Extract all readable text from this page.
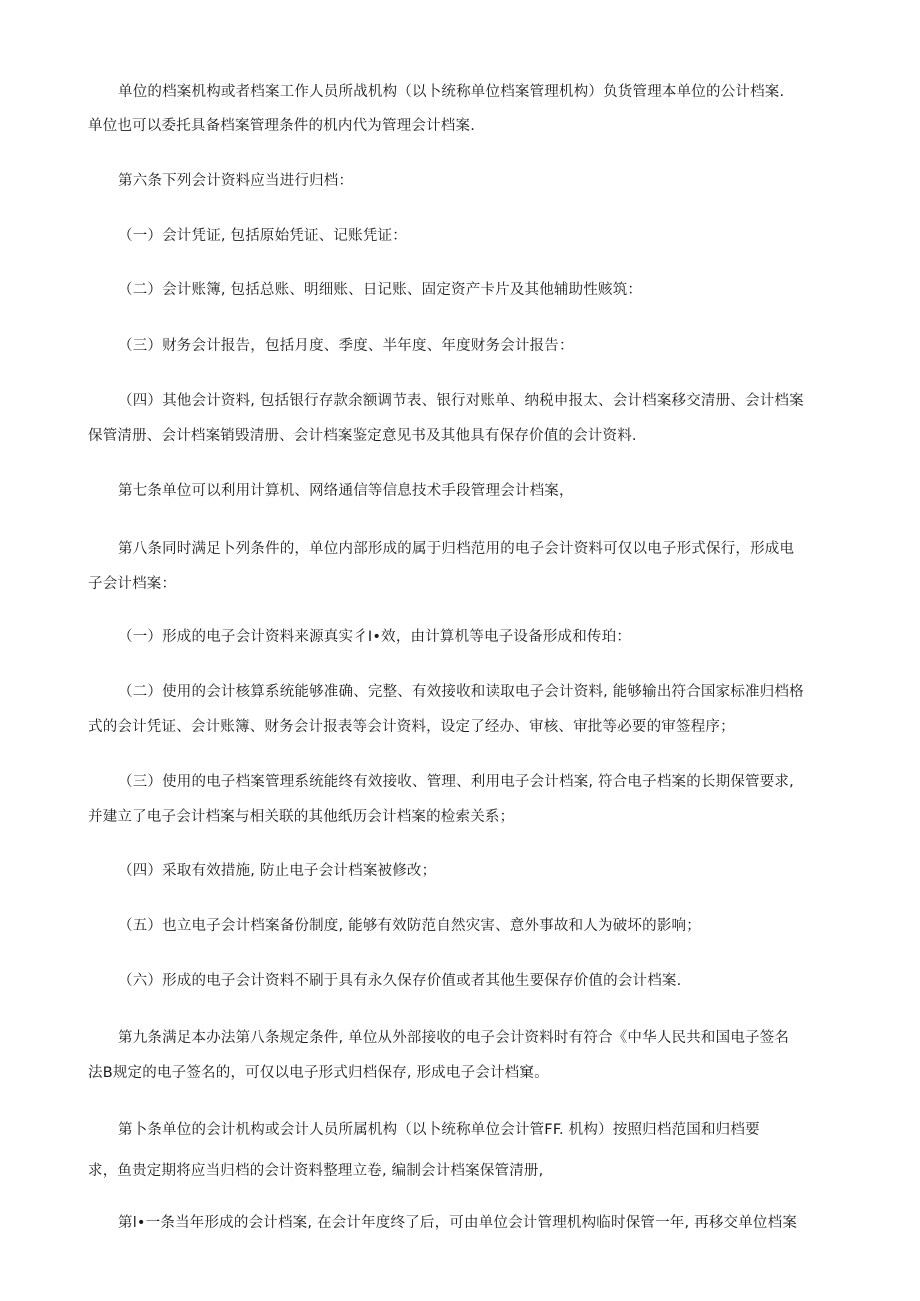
单位的档案机构或者档案工作人员所战机构（以卜统称单位档案管理机构）负货管理本单位的公计档案.
单位也可以委托具备档案管理条件的机内代为管理会计档案.

第六条下列会计资料应当进行归档：

（一）会计凭证, 包括原始凭证、记账凭证：

（二）会计账簿, 包括总账、明细账、日记账、固定资产卡片及其他辅助性赅筑：

（三）财务会计报告，包括月度、季度、半年度、年度财务会计报告：

（四）其他会计资料, 包括银行存款余额调节表、银行对账单、纳税申报太、会计档案移交清册、会计档案
保管清册、会计档案销毁清册、会计档案鉴定意见书及其他具有保存价值的会计资料.

第七条单位可以利用计算机、网络通信等信息技术手段管理会计档案，

第八条同时满足卜列条件的，单位内部形成的属于归档范用的电子会计资料可仅以电子形式保行，形成电
子会计档案：

（一）形成的电子会计资料来源真实彳I•效，由计算机等电子设备形成和传珀：

（二）使用的会计核算系统能够准确、完整、有效接收和读取电子会计资料, 能够输出符合国家标准归档格
式的会计凭证、会计账簿、财务会计报表等会计资料，设定了经办、审核、审批等必要的审签程序；

（三）使用的电子档案管理系统能终有效接收、管理、利用电子会计档案, 符合电子档案的长期保管要求,
并建立了电子会计档案与相关联的其他纸历会计档案的检索关系；

（四）采取有效措施, 防止电子会计档案被修改；

（五）也立电子会计档案备份制度, 能够有效防范自然灾害、意外事故和人为破坏的影响；

（六）形成的电子会计资料不刷于具有永久保存价值或者其他生要保存价值的会计档案.

第九条满足本办法第八条规定条件, 单位从外部接收的电子会计资料时有符合《中华人民共和国电子签名
法B规定的电子签名的，可仅以电子形式归档保存, 形成电子会计档窠。

第卜条单位的会计机构或会计人员所属机构（以卜统称单位会计管FF. 机构）按照归档范国和归档要
求，鱼贵定期将应当归档的会计资料整理立卷, 编制会计档案保管清册,

第l•一条当年形成的会计档案, 在会计年度终了后，可由单位会计管理机构临时保管一年, 再移交单位档案
